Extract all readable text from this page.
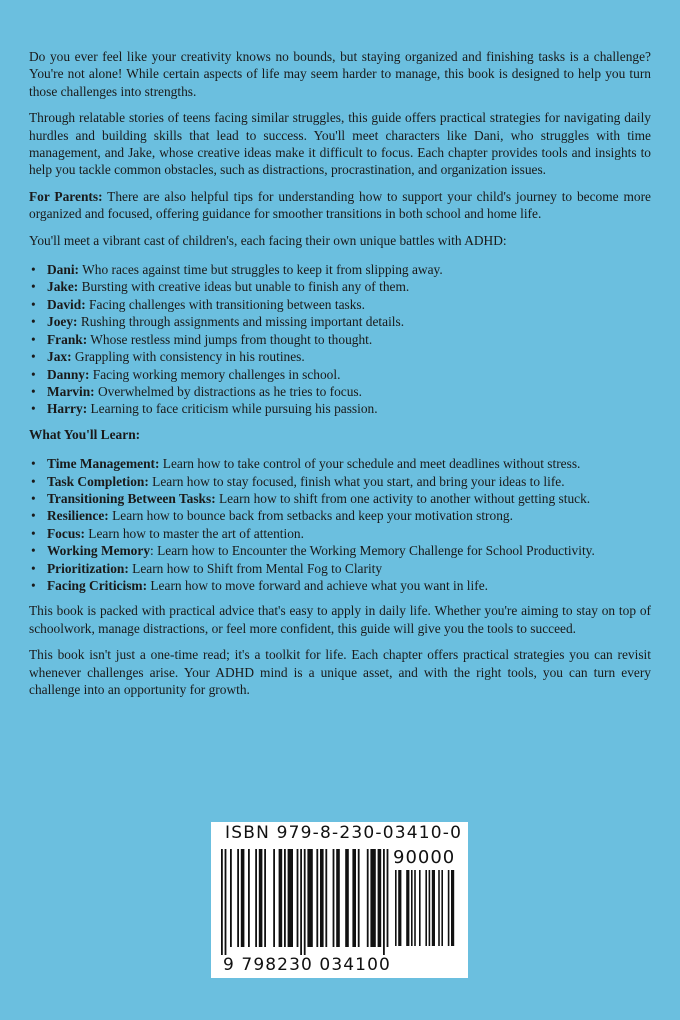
Do you ever feel like your creativity knows no bounds, but staying organized and finishing tasks is a challenge? You're not alone! While certain aspects of life may seem harder to manage, this book is designed to help you turn those challenges into strengths.

Through relatable stories of teens facing similar struggles, this guide offers practical strategies for navigating daily hurdles and building skills that lead to success. You'll meet characters like Dani, who struggles with time management, and Jake, whose creative ideas make it difficult to focus. Each chapter provides tools and insights to help you tackle common obstacles, such as distractions, procrastination, and organization issues.

For Parents: There are also helpful tips for understanding how to support your child's journey to become more organized and focused, offering guidance for smoother transitions in both school and home life.

You'll meet a vibrant cast of children's, each facing their own unique battles with ADHD:

• Dani: Who races against time but struggles to keep it from slipping away.
• Jake: Bursting with creative ideas but unable to finish any of them.
• David: Facing challenges with transitioning between tasks.
• Joey: Rushing through assignments and missing important details.
• Frank: Whose restless mind jumps from thought to thought.
• Jax: Grappling with consistency in his routines.
• Danny: Facing working memory challenges in school.
• Marvin: Overwhelmed by distractions as he tries to focus.
• Harry: Learning to face criticism while pursuing his passion.
What You'll Learn:
• Time Management: Learn how to take control of your schedule and meet deadlines without stress.
• Task Completion: Learn how to stay focused, finish what you start, and bring your ideas to life.
• Transitioning Between Tasks: Learn how to shift from one activity to another without getting stuck.
• Resilience: Learn how to bounce back from setbacks and keep your motivation strong.
• Focus: Learn how to master the art of attention.
• Working Memory: Learn how to Encounter the Working Memory Challenge for School Productivity.
• Prioritization: Learn how to Shift from Mental Fog to Clarity
• Facing Criticism: Learn how to move forward and achieve what you want in life.

This book is packed with practical advice that's easy to apply in daily life. Whether you're aiming to stay on top of schoolwork, manage distractions, or feel more confident, this guide will give you the tools to succeed.

This book isn't just a one-time read; it's a toolkit for life. Each chapter offers practical strategies you can revisit whenever challenges arise. Your ADHD mind is a unique asset, and with the right tools, you can turn every challenge into an opportunity for growth.

ISBN 979-8-230-03410-0
90000
9 798230 034100
